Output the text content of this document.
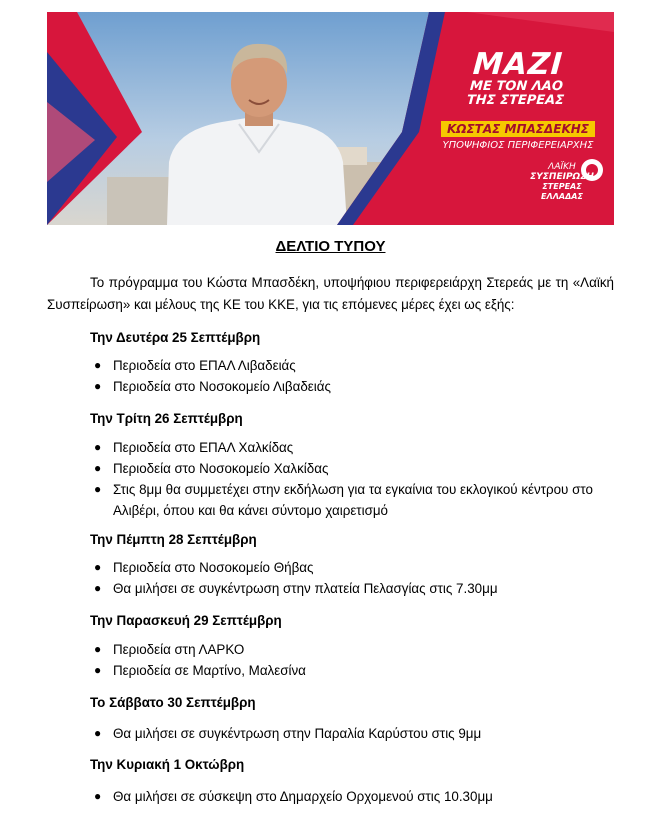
ΜΑΖΙ
ΜΕ ΤΟΝ ΛΑΟ
ΤΗΣ ΣΤΕΡΕΑΣ
ΚΩΣΤΑΣ ΜΠΑΣΔΕΚΗΣ
ΥΠΟΨΗΦΙΟΣ ΠΕΡΙΦΕΡΕΙΑΡΧΗΣ
ΛΑΪΚΗ
ΣΥΣΠΕΙΡΩΣΗ
ΣΤΕΡΕΑΣ
ΕΛΛΑΔΑΣ
ΔΕΛΤΙΟ ΤΥΠΟΥ
Το πρόγραμμα του Κώστα Μπασδέκη, υποψήφιου περιφερειάρχη Στερεάς με τη «Λαϊκή Συσπείρωση» και μέλους της ΚΕ του ΚΚΕ, για τις επόμενες μέρες έχει ως εξής:
Την Δευτέρα 25 Σεπτέμβρη
● Περιοδεία στο ΕΠΑΛ Λιβαδειάς
● Περιοδεία στο Νοσοκομείο Λιβαδειάς
Την Τρίτη 26 Σεπτέμβρη
● Περιοδεία στο ΕΠΑΛ Χαλκίδας
● Περιοδεία στο Νοσοκομείο Χαλκίδας
● Στις 8μμ θα συμμετέχει στην εκδήλωση για τα εγκαίνια του εκλογικού κέντρου στο Αλιβέρι, όπου και θα κάνει σύντομο χαιρετισμό
Την Πέμπτη 28 Σεπτέμβρη
● Περιοδεία στο Νοσοκομείο Θήβας
● Θα μιλήσει σε συγκέντρωση στην πλατεία Πελασγίας στις 7.30μμ
Την Παρασκευή 29 Σεπτέμβρη
● Περιοδεία στη ΛΑΡΚΟ
● Περιοδεία σε Μαρτίνο, Μαλεσίνα
Το Σάββατο 30 Σεπτέμβρη
● Θα μιλήσει σε συγκέντρωση στην Παραλία Καρύστου στις 9μμ
Την Κυριακή 1 Οκτώβρη
● Θα μιλήσει σε σύσκεψη στο Δημαρχείο Ορχομενού στις 10.30μμ
